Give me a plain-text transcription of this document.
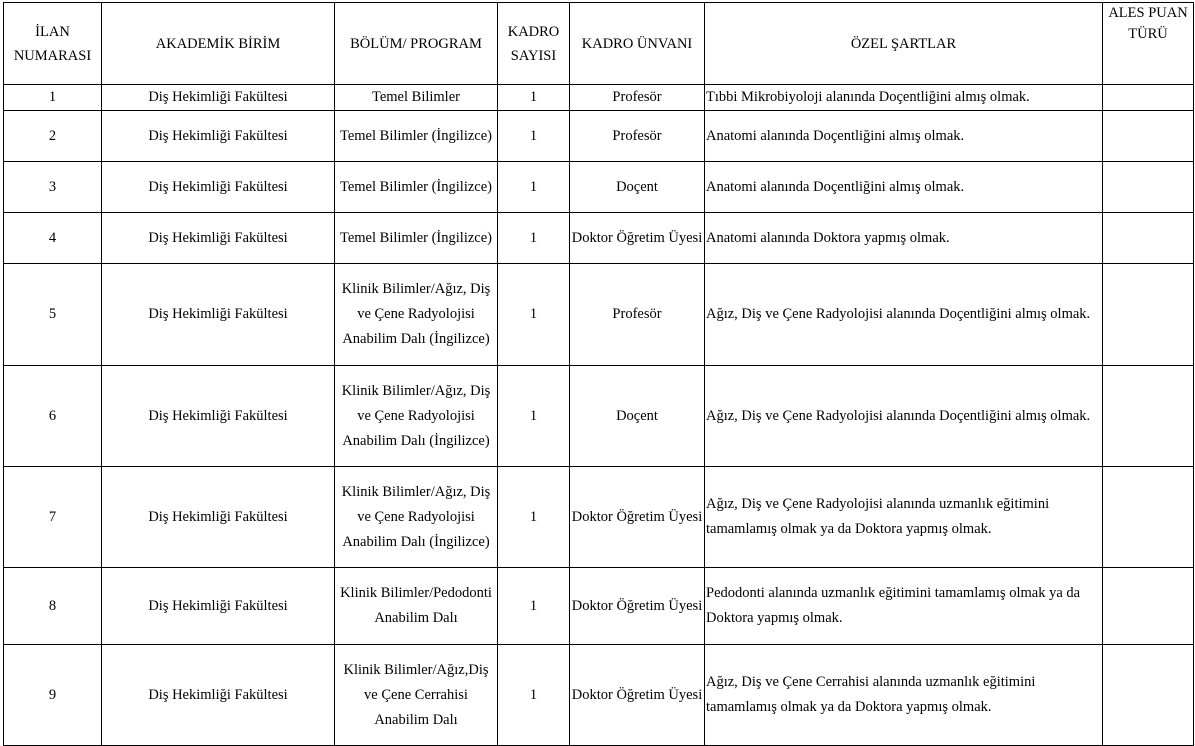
İLAN NUMARASI	AKADEMİK BİRİM	BÖLÜM/ PROGRAM	KADRO SAYISI	KADRO ÜNVANI	ÖZEL ŞARTLAR	ALES PUAN TÜRÜ
1	Diş Hekimliği Fakültesi	Temel Bilimler	1	Profesör	Tıbbi Mikrobiyoloji alanında Doçentliğini almış olmak.	
2	Diş Hekimliği Fakültesi	Temel Bilimler (İngilizce)	1	Profesör	Anatomi alanında Doçentliğini almış olmak.	
3	Diş Hekimliği Fakültesi	Temel Bilimler (İngilizce)	1	Doçent	Anatomi alanında Doçentliğini almış olmak.	
4	Diş Hekimliği Fakültesi	Temel Bilimler (İngilizce)	1	Doktor Öğretim Üyesi	Anatomi alanında Doktora yapmış olmak.	
5	Diş Hekimliği Fakültesi	Klinik Bilimler/Ağız, Diş ve Çene Radyolojisi Anabilim Dalı (İngilizce)	1	Profesör	Ağız, Diş ve Çene Radyolojisi alanında Doçentliğini almış olmak.	
6	Diş Hekimliği Fakültesi	Klinik Bilimler/Ağız, Diş ve Çene Radyolojisi Anabilim Dalı (İngilizce)	1	Doçent	Ağız, Diş ve Çene Radyolojisi alanında Doçentliğini almış olmak.	
7	Diş Hekimliği Fakültesi	Klinik Bilimler/Ağız, Diş ve Çene Radyolojisi Anabilim Dalı (İngilizce)	1	Doktor Öğretim Üyesi	Ağız, Diş ve Çene Radyolojisi alanında uzmanlık eğitimini tamamlamış olmak ya da Doktora yapmış olmak.	
8	Diş Hekimliği Fakültesi	Klinik Bilimler/Pedodonti Anabilim Dalı	1	Doktor Öğretim Üyesi	Pedodonti alanında uzmanlık eğitimini tamamlamış olmak ya da Doktora yapmış olmak.	
9	Diş Hekimliği Fakültesi	Klinik Bilimler/Ağız,Diş ve Çene Cerrahisi Anabilim Dalı	1	Doktor Öğretim Üyesi	Ağız, Diş ve Çene Cerrahisi alanında uzmanlık eğitimini tamamlamış olmak ya da Doktora yapmış olmak.	
